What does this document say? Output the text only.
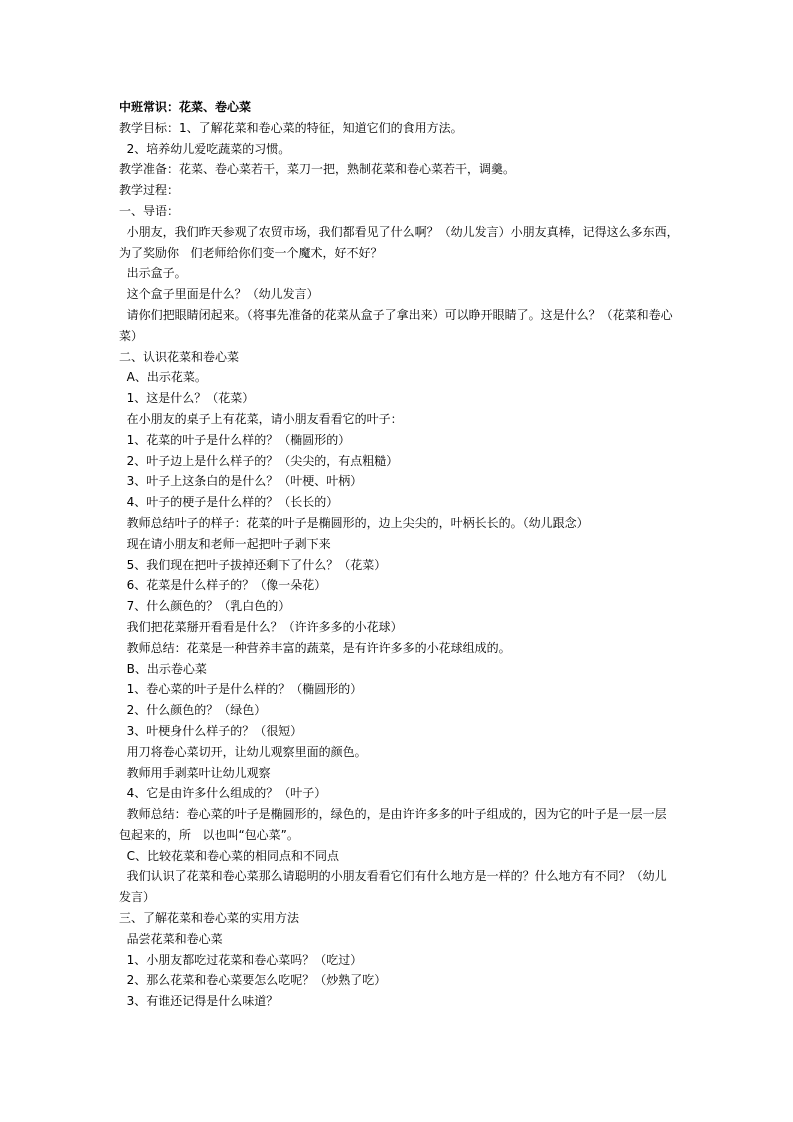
中班常识：花菜、卷心菜

教学目标：1、了解花菜和卷心菜的特征，知道它们的食用方法。

2、培养幼儿爱吃蔬菜的习惯。

教学准备：花菜、卷心菜若干，菜刀一把，熟制花菜和卷心菜若干，调羹。

教学过程：

一、导语：

小朋友，我们昨天参观了农贸市场，我们都看见了什么啊？（幼儿发言）小朋友真棒，记得这么多东西，

为了奖励你   们老师给你们变一个魔术，好不好？

出示盒子。

这个盒子里面是什么？（幼儿发言）

请你们把眼睛闭起来。（将事先准备的花菜从盒子了拿出来）可以睁开眼睛了。这是什么？（花菜和卷心

菜）

二、认识花菜和卷心菜

A、出示花菜。

1、这是什么？（花菜）

在小朋友的桌子上有花菜，请小朋友看看它的叶子：

1、花菜的叶子是什么样的？（椭圆形的）

2、叶子边上是什么样子的？（尖尖的，有点粗糙）

3、叶子上这条白的是什么？（叶梗、叶柄）

4、叶子的梗子是什么样的？（长长的）

教师总结叶子的样子：花菜的叶子是椭圆形的，边上尖尖的，叶柄长长的。（幼儿跟念）

现在请小朋友和老师一起把叶子剥下来

5、我们现在把叶子拔掉还剩下了什么？（花菜）

6、花菜是什么样子的？（像一朵花）

7、什么颜色的？（乳白色的）

我们把花菜掰开看看是什么？（许许多多的小花球）

教师总结：花菜是一种营养丰富的蔬菜，是有许许多多的小花球组成的。

B、出示卷心菜

1、卷心菜的叶子是什么样的？（椭圆形的）

2、什么颜色的？（绿色）

3、叶梗身什么样子的？（很短）

用刀将卷心菜切开，让幼儿观察里面的颜色。

教师用手剥菜叶让幼儿观察

4、它是由许多什么组成的？（叶子）

教师总结：卷心菜的叶子是椭圆形的，绿色的，是由许许多多的叶子组成的，因为它的叶子是一层一层

包起来的，所   以也叫“包心菜”。

C、比较花菜和卷心菜的相同点和不同点

我们认识了花菜和卷心菜那么请聪明的小朋友看看它们有什么地方是一样的？什么地方有不同？（幼儿

发言）

三、了解花菜和卷心菜的实用方法

品尝花菜和卷心菜

1、小朋友都吃过花菜和卷心菜吗？（吃过）

2、那么花菜和卷心菜要怎么吃呢？（炒熟了吃）

3、有谁还记得是什么味道？
